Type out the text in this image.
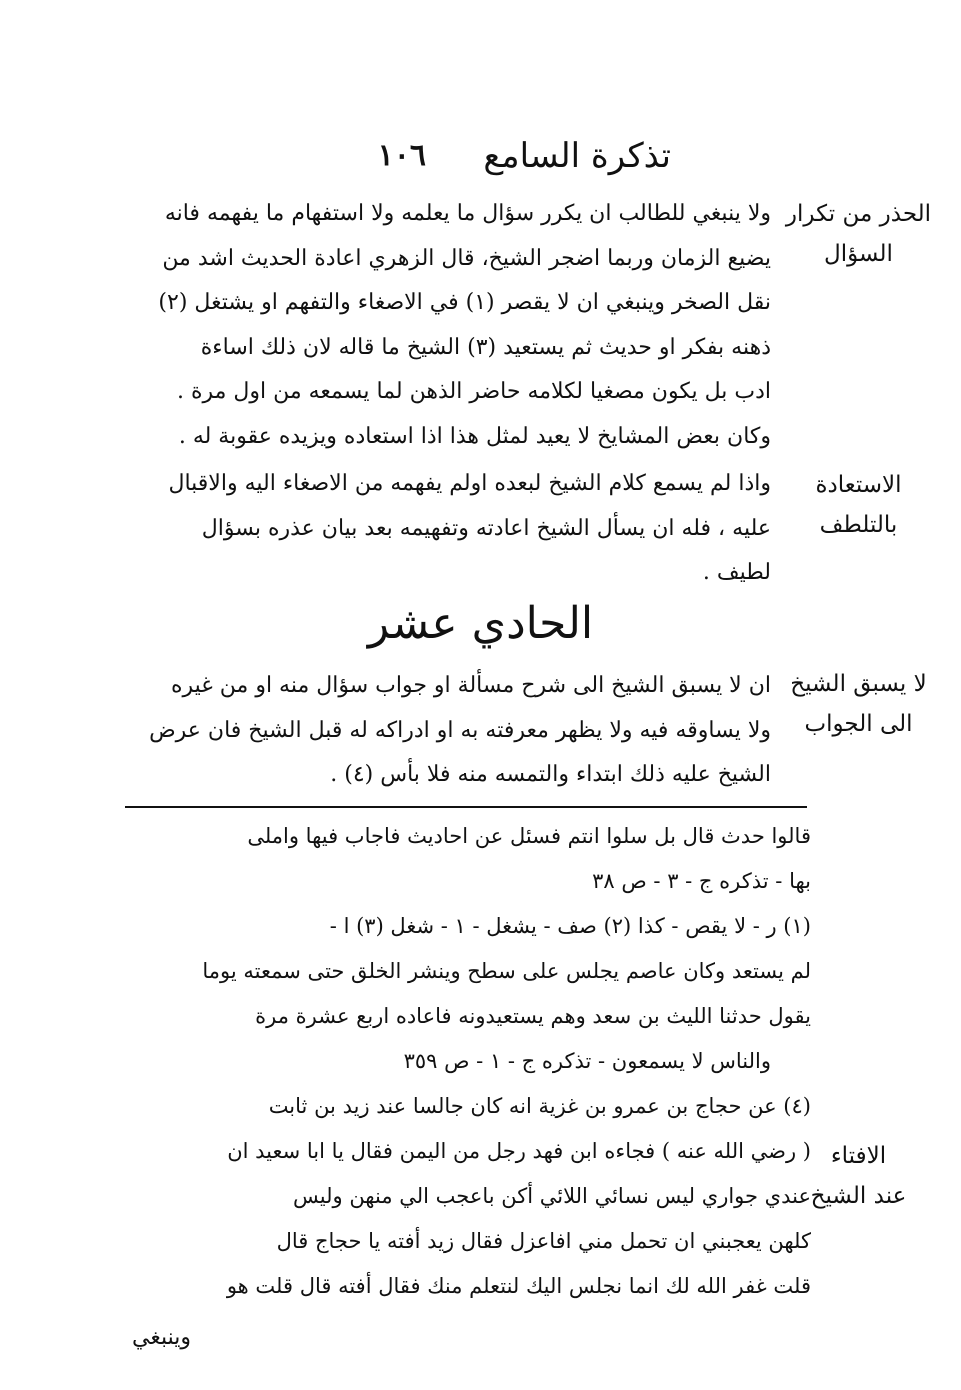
تذكرة السامع
١٠٦
الحذر من تكرار
السؤال
الاستعادة
بالتلطف
لا يسبق الشيخ
الى الجواب
الافتاء
عند الشيخ
ولا ينبغي للطالب ان يكرر سؤال ما يعلمه ولا استفهام ما يفهمه فانه
يضيع الزمان وربما اضجر الشيخ، قال الزهري اعادة الحديث اشد من
نقل الصخر وينبغي ان لا يقصر (١) في الاصغاء والتفهم او يشتغل (٢)
ذهنه بفكر او حديث ثم يستعيد (٣) الشيخ ما قاله لان ذلك اساءة
ادب بل يكون مصغيا لكلامه حاضر الذهن لما يسمعه من اول مرة .
وكان بعض المشايخ لا يعيد لمثل هذا اذا استعاده ويزيده عقوبة له .
واذا لم يسمع كلام الشيخ لبعده اولم يفهمه من الاصغاء اليه والاقبال
عليه ، فله ان يسأل الشيخ اعادته وتفهيمه بعد بيان عذره بسؤال
لطيف .
الحادي عشر
ان لا يسبق الشيخ الى شرح مسألة او جواب سؤال منه او من غيره
ولا يساوقه فيه ولا يظهر معرفته به او ادراكه له قبل الشيخ فان عرض
الشيخ عليه ذلك ابتداء والتمسه منه فلا بأس (٤) .
قالوا حدث قال بل سلوا انتم فسئل عن احاديث فاجاب فيها واملى
بها - تذكره ج - ٣ - ص ٣٨
(١) ر - لا يقص - كذا (٢) صف - يشغل - ١ - شغل (٣) ا -
لم يستعد وكان عاصم يجلس على سطح وينشر الخلق حتى سمعته يوما
يقول حدثنا الليث بن سعد وهم يستعيدونه فاعاده اربع عشرة مرة
والناس لا يسمعون - تذكره ج - ١ - ص ٣٥٩
(٤) عن حجاج بن عمرو بن غزية انه كان جالسا عند زيد بن ثابت
( رضي الله عنه ) فجاءه ابن فهد رجل من اليمن فقال يا ابا سعيد ان
عندي جواري ليس نسائي اللائي أكن باعجب الي منهن وليس
كلهن يعجبني ان تحمل مني افاعزل فقال زيد أفته يا حجاج قال
قلت غفر الله لك انما نجلس اليك لنتعلم منك فقال أفته قال قلت هو
وينبغي
